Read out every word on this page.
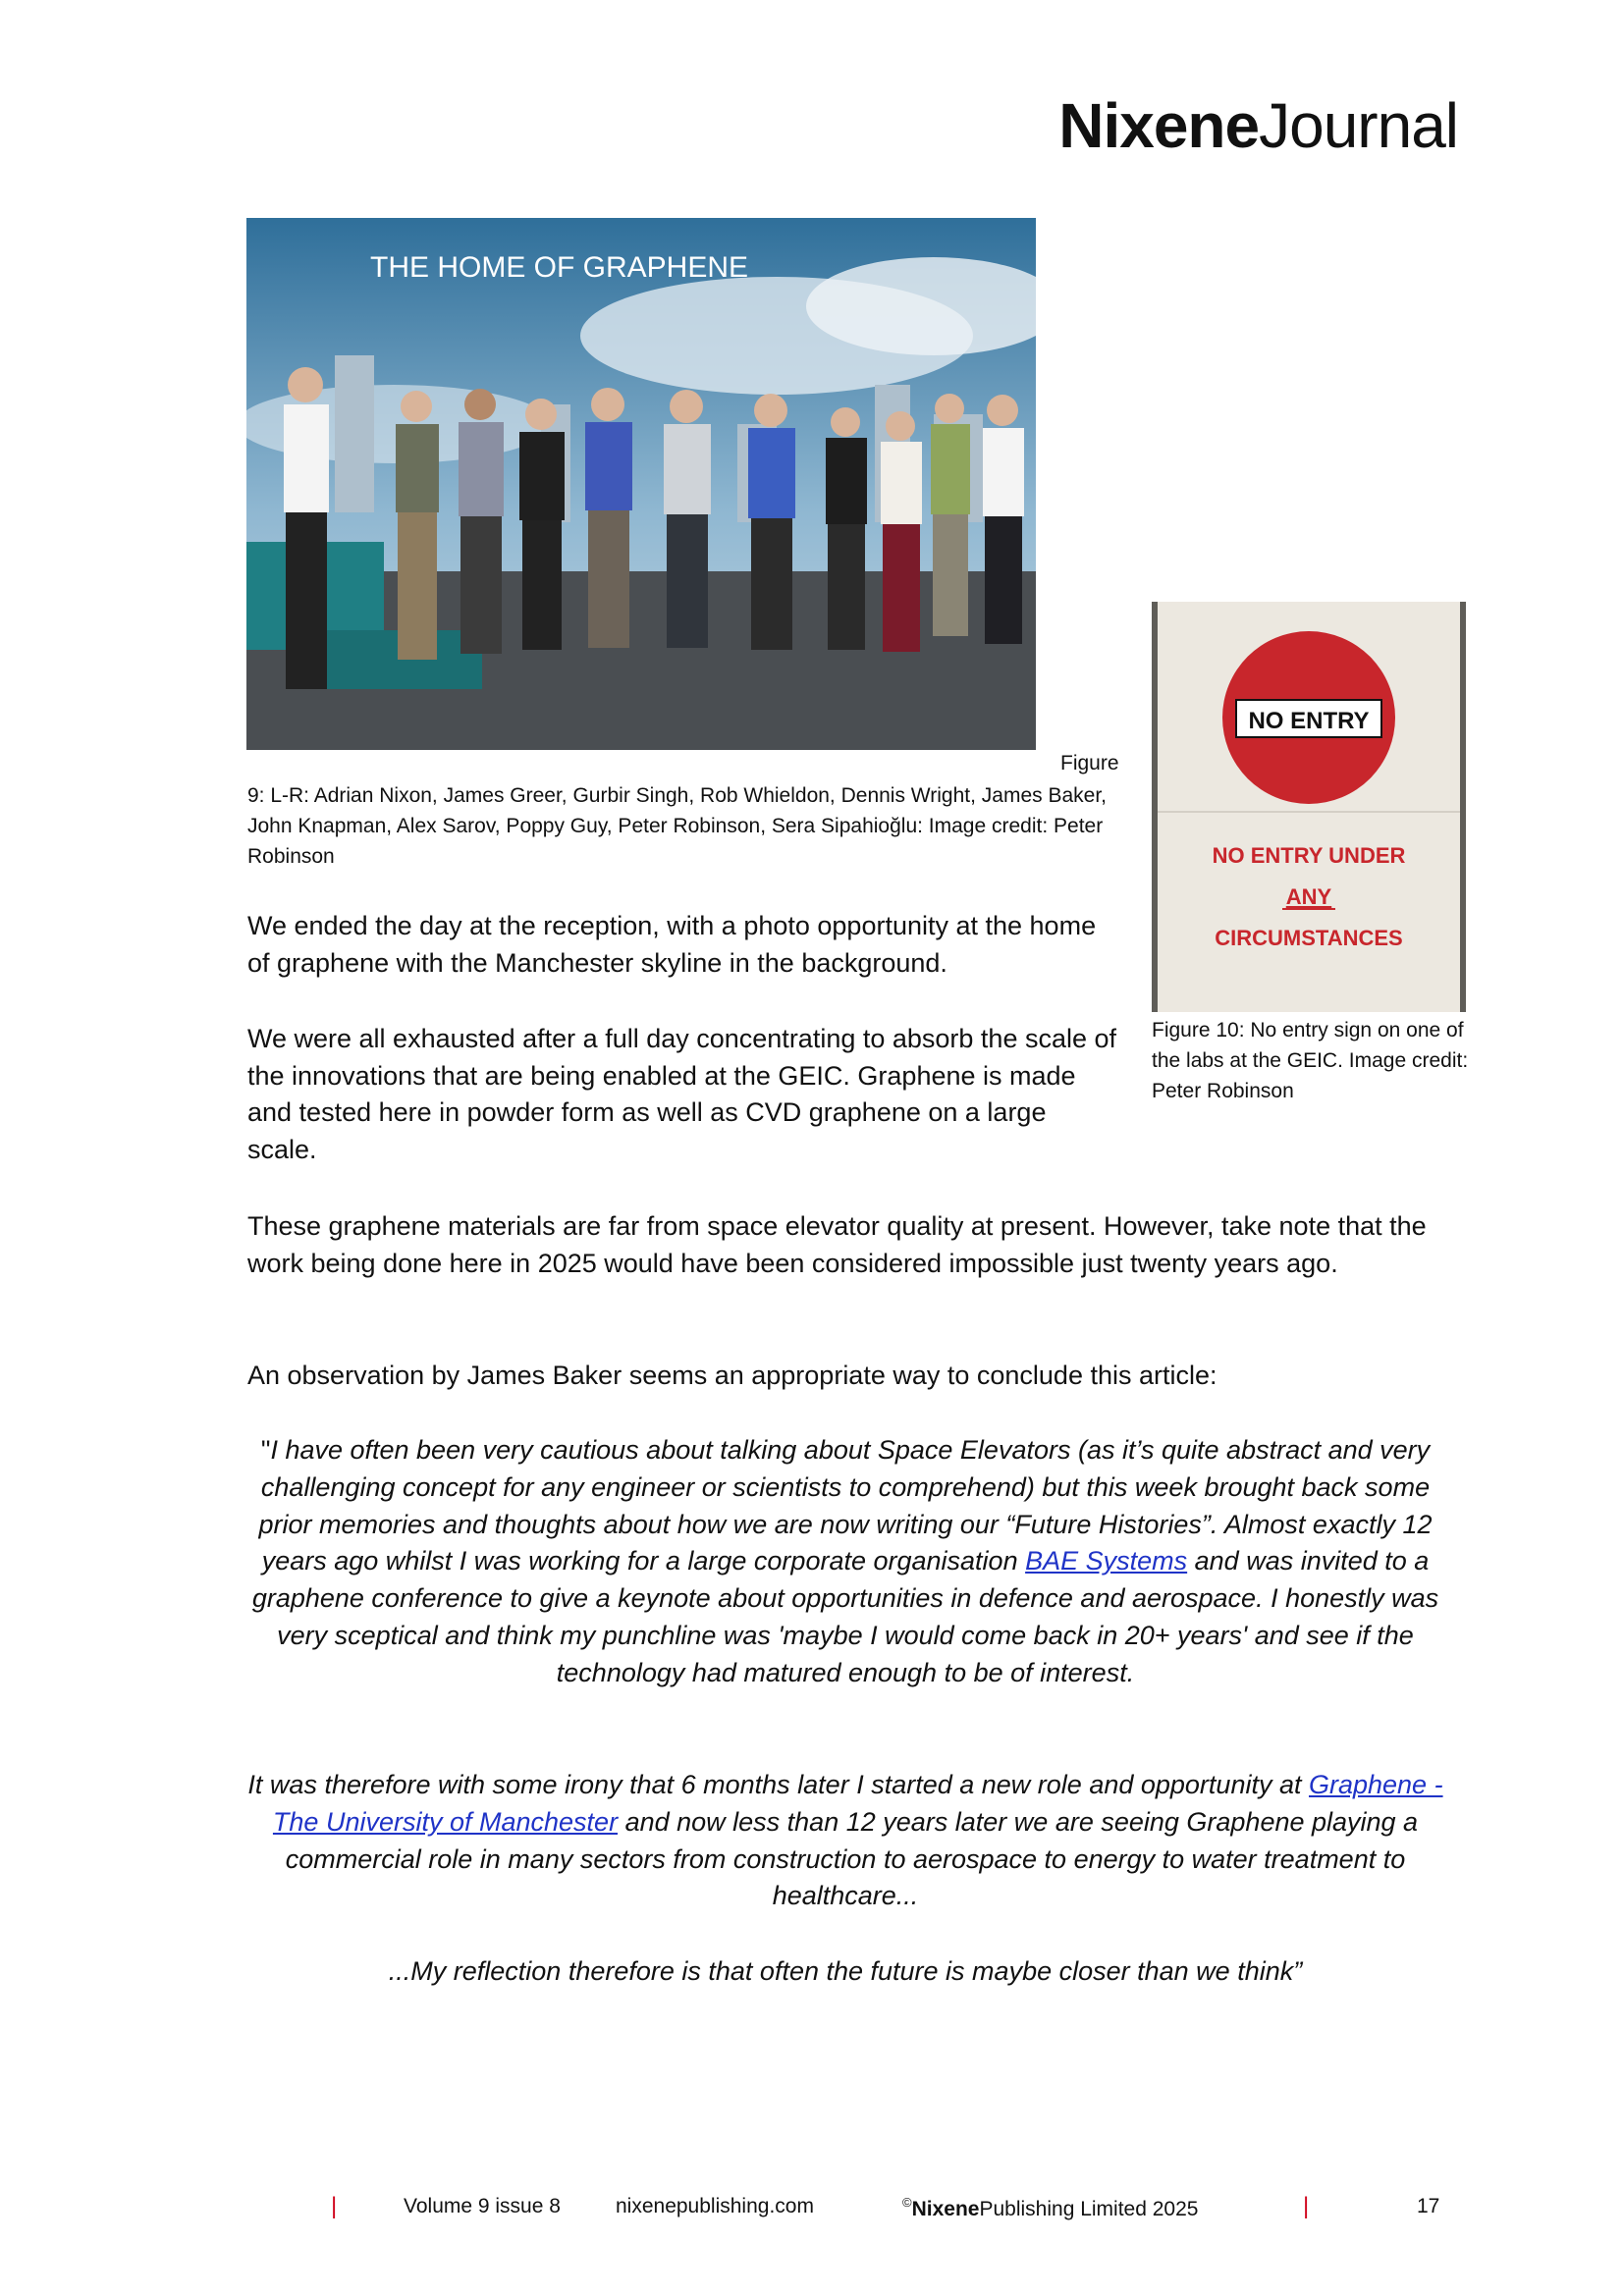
NixeneJournal
THE HOME OF GRAPHENE
NO ENTRY
NO ENTRY UNDER
ANY
CIRCUMSTANCES
Figure
9: L-R: Adrian Nixon, James Greer, Gurbir Singh, Rob Whieldon, Dennis Wright, James Baker, John Knapman, Alex Sarov, Poppy Guy, Peter Robinson, Sera Sipahioğlu: Image credit: Peter Robinson
Figure 10: No entry sign on one of the labs at the GEIC. Image credit: Peter Robinson
We ended the day at the reception, with a photo opportunity at the home of graphene with the Manchester skyline in the background.
We were all exhausted after a full day concentrating to absorb the scale of the innovations that are being enabled at the GEIC. Graphene is made and tested here in powder form as well as CVD graphene on a large scale.
These graphene materials are far from space elevator quality at present. However, take note that the work being done here in 2025 would have been considered impossible just twenty years ago.
An observation by James Baker seems an appropriate way to conclude this article:
"I have often been very cautious about talking about Space Elevators (as it’s quite abstract and very challenging concept for any engineer or scientists to comprehend) but this week brought back some prior memories and thoughts about how we are now writing our “Future Histories”. Almost exactly 12 years ago whilst I was working for a large corporate organisation BAE Systems and was invited to a graphene conference to give a keynote about opportunities in defence and aerospace. I honestly was very sceptical and think my punchline was 'maybe I would come back in 20+ years' and see if the technology had matured enough to be of interest.
It was therefore with some irony that 6 months later I started a new role and opportunity at Graphene - The University of Manchester and now less than 12 years later we are seeing Graphene playing a commercial role in many sectors from construction to aerospace to energy to water treatment to healthcare...
...My reflection therefore is that often the future is maybe closer than we think”
|	Volume 9 issue 8	nixenepublishing.com	©NixenePublishing Limited 2025	|	17
